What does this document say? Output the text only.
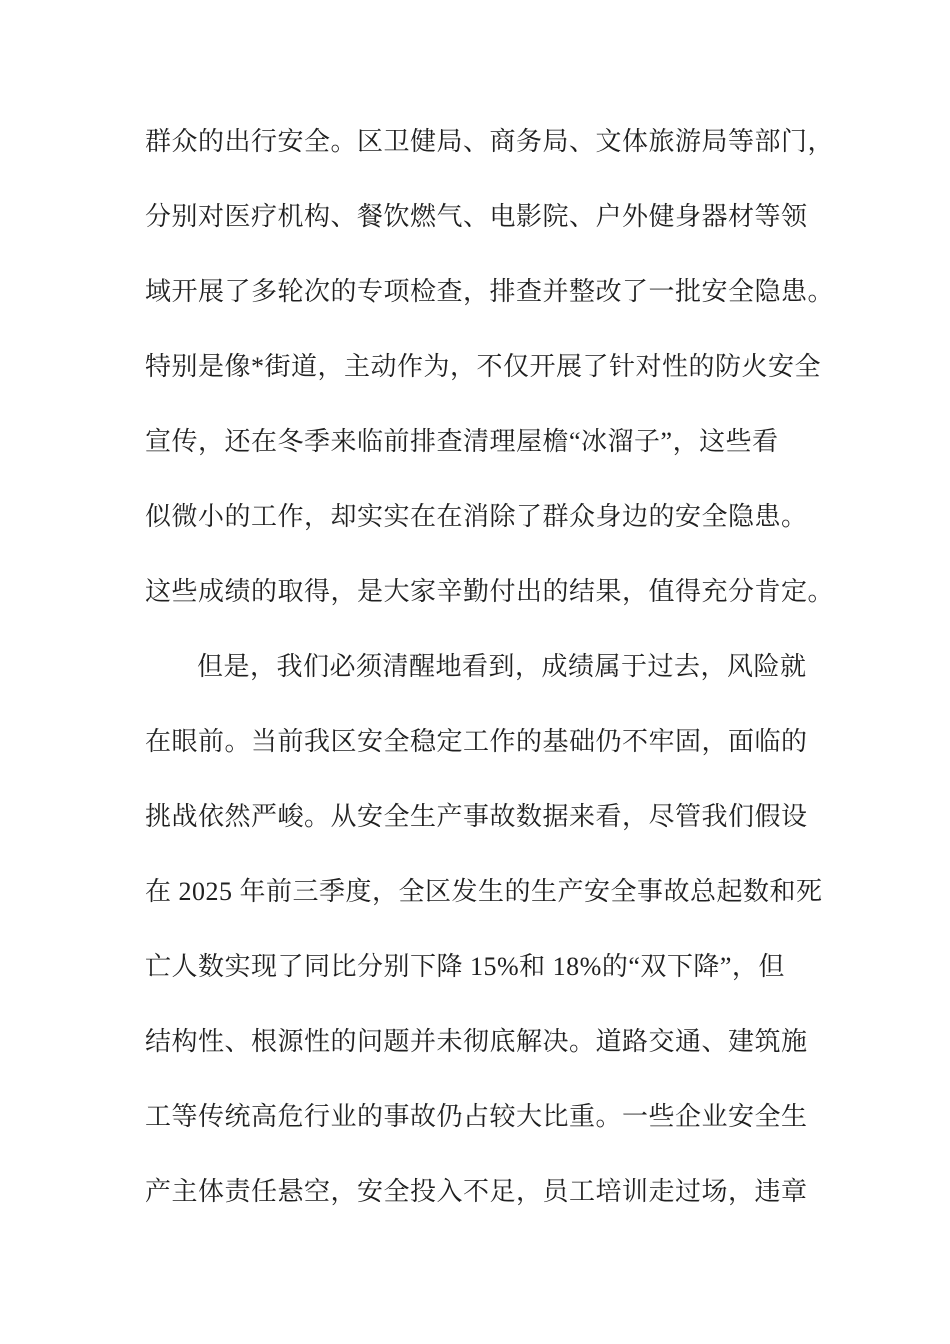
群众的出行安全。区卫健局、商务局、文体旅游局等部门，
分别对医疗机构、餐饮燃气、电影院、户外健身器材等领
域开展了多轮次的专项检查，排查并整改了一批安全隐患。
特别是像*街道，主动作为，不仅开展了针对性的防火安全
宣传，还在冬季来临前排查清理屋檐“冰溜子”，这些看
似微小的工作，却实实在在消除了群众身边的安全隐患。
这些成绩的取得，是大家辛勤付出的结果，值得充分肯定。
但是，我们必须清醒地看到，成绩属于过去，风险就
在眼前。当前我区安全稳定工作的基础仍不牢固，面临的
挑战依然严峻。从安全生产事故数据来看，尽管我们假设
在 2025 年前三季度，全区发生的生产安全事故总起数和死
亡人数实现了同比分别下降 15%和 18%的“双下降”，但
结构性、根源性的问题并未彻底解决。道路交通、建筑施
工等传统高危行业的事故仍占较大比重。一些企业安全生
产主体责任悬空，安全投入不足，员工培训走过场，违章
